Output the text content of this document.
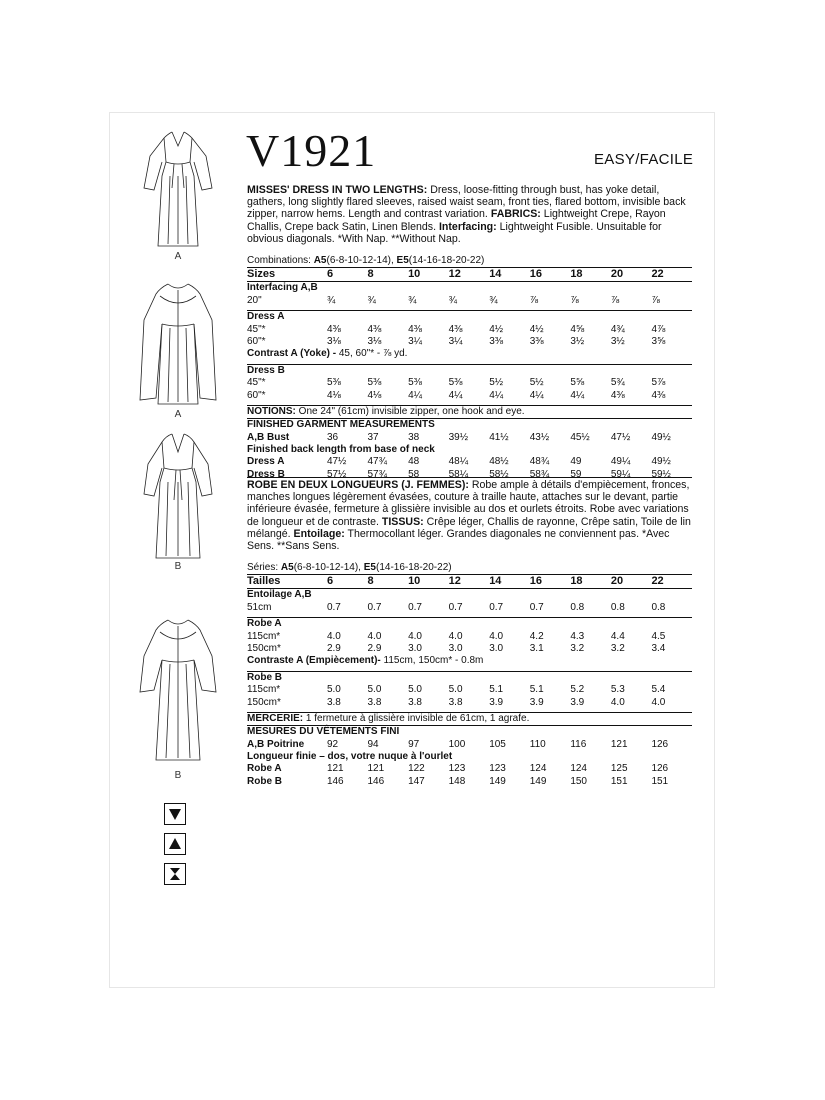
A
A
B
B
V1921	EASY/FACILE
MISSES' DRESS IN TWO LENGTHS: Dress, loose-fitting through bust, has yoke detail, gathers, long slightly flared sleeves, raised waist seam, front ties, flared bottom, invisible back zipper, narrow hems. Length and contrast variation. FABRICS: Lightweight Crepe, Rayon Challis, Crepe back Satin, Linen Blends. Interfacing: Lightweight Fusible. Unsuitable for obvious diagonals. *With Nap. **Without Nap.
Combinations: A5(6-8-10-12-14), E5(14-16-18-20-22)
Sizes	6	8	10	12	14	16	18	20	22
Interfacing A,B
20"	¾	¾	¾	¾	¾	⅞	⅞	⅞	⅞
Dress A
45"*	4⅜	4⅜	4⅜	4⅜	4½	4½	4⅝	4¾	4⅞
60"*	3⅛	3⅛	3¼	3¼	3⅜	3⅜	3½	3½	3⅝
Contrast A (Yoke) - 45, 60"* - ⅞ yd.
Dress B
45"*	5⅜	5⅜	5⅜	5⅜	5½	5½	5⅝	5¾	5⅞
60"*	4⅛	4⅛	4¼	4¼	4¼	4¼	4¼	4⅜	4⅜
NOTIONS: One 24" (61cm) invisible zipper, one hook and eye.
FINISHED GARMENT MEASUREMENTS
A,B Bust	36	37	38	39½	41½	43½	45½	47½	49½
Finished back length from base of neck
Dress A	47½	47¾	48	48¼	48½	48¾	49	49¼	49½
Dress B	57½	57¾	58	58¼	58½	58¾	59	59¼	59½
ROBE EN DEUX LONGUEURS (J. FEMMES): Robe ample à détails d'empiècement, fronces, manches longues légèrement évasées, couture à traille haute, attaches sur le devant, partie inférieure évasée, fermeture à glissière invisible au dos et ourlets étroits. Robe avec variations de longueur et de contraste. TISSUS: Crêpe léger, Challis de rayonne, Crêpe satin, Toile de lin mélangé. Entoilage: Thermocollant léger. Grandes diagonales ne conviennent pas. *Avec Sens. **Sans Sens.
Séries: A5(6-8-10-12-14), E5(14-16-18-20-22)
Tailles	6	8	10	12	14	16	18	20	22
Entoilage A,B
51cm	0.7	0.7	0.7	0.7	0.7	0.7	0.8	0.8	0.8
Robe A
115cm*	4.0	4.0	4.0	4.0	4.0	4.2	4.3	4.4	4.5
150cm*	2.9	2.9	3.0	3.0	3.0	3.1	3.2	3.2	3.4
Contraste A (Empiècement)- 115cm, 150cm* - 0.8m
Robe B
115cm*	5.0	5.0	5.0	5.0	5.1	5.1	5.2	5.3	5.4
150cm*	3.8	3.8	3.8	3.8	3.9	3.9	3.9	4.0	4.0
MERCERIE: 1 fermeture à glissière invisible de 61cm, 1 agrafe.
MESURES DU VÊTEMENTS FINI
A,B Poitrine	92	94	97	100	105	110	116	121	126
Longueur finie – dos, votre nuque à l'ourlet
Robe A	121	121	122	123	123	124	124	125	126
Robe B	146	146	147	148	149	149	150	151	151
